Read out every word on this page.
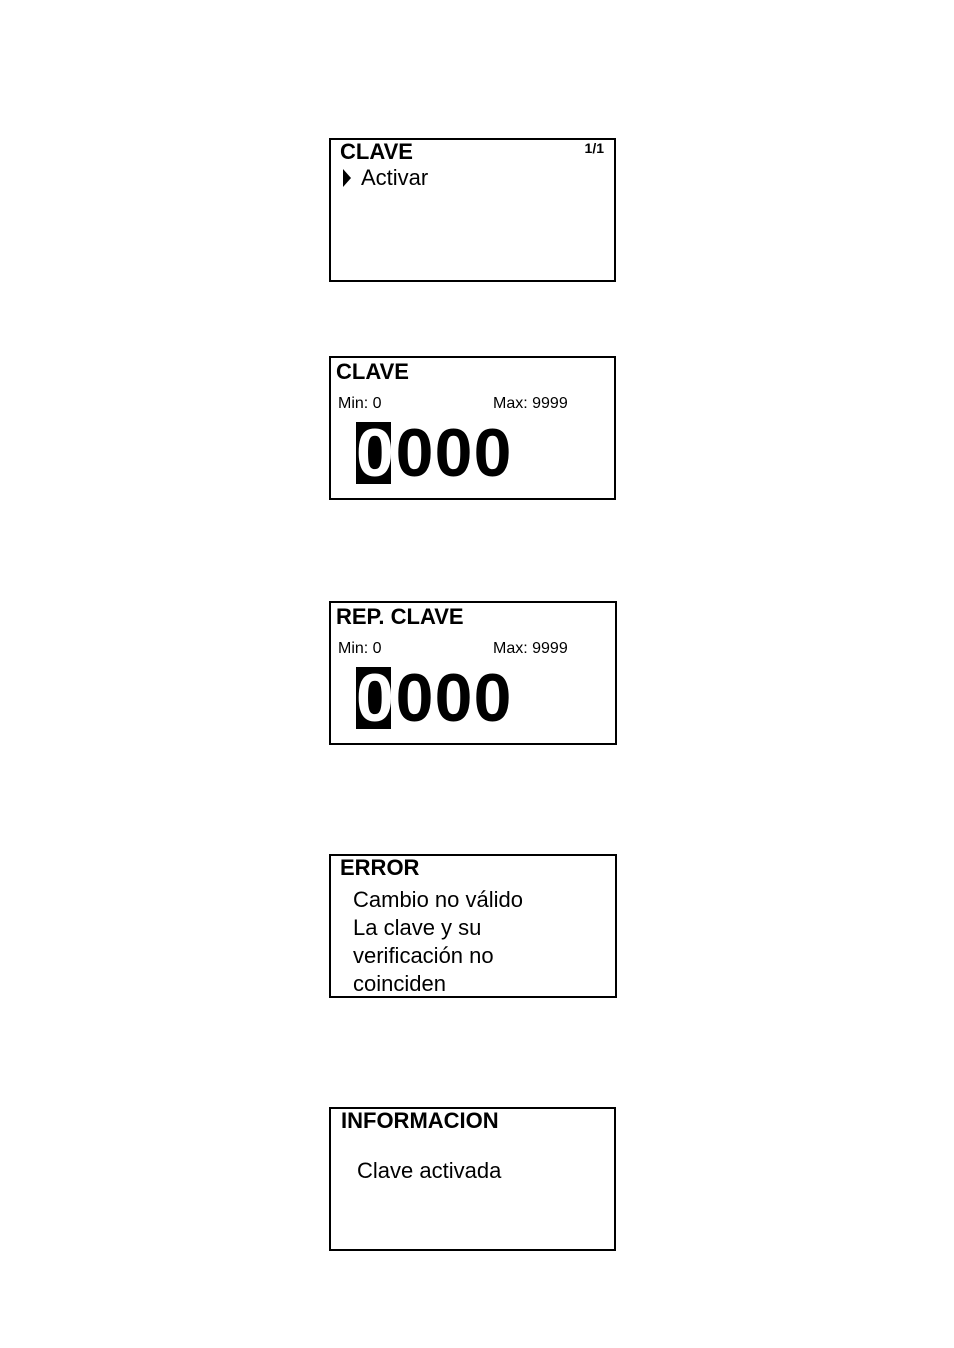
CLAVE	1/1
Activar
CLAVE
Min: 0	Max: 9999
0 0 0 0
REP. CLAVE
Min: 0	Max: 9999
0 0 0 0
ERROR
Cambio no válido
La clave y su
verificación no
coinciden
INFORMACION
Clave activada
